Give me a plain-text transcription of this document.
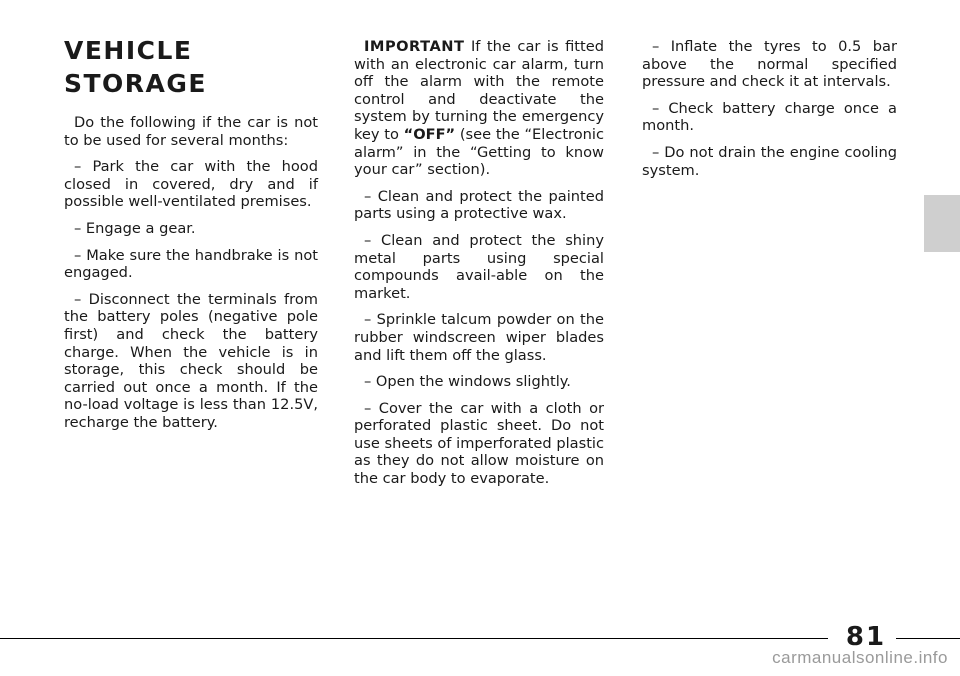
VEHICLE
STORAGE

Do the following if the car is not to be used for several months:

– Park the car with the hood closed in covered, dry and if possible well-ventilated premises.

– Engage a gear.

– Make sure the handbrake is not engaged.

– Disconnect the terminals from the battery poles (negative pole first) and check the battery charge. When the vehicle is in storage, this check should be carried out once a month. If the no-load voltage is less than 12.5V, recharge the battery.

IMPORTANT If the car is fitted with an electronic car alarm, turn off the alarm with the remote control and deactivate the system by turning the emergency key to “OFF” (see the “Electronic alarm” in the “Getting to know your car” section).

– Clean and protect the painted parts using a protective wax.

– Clean and protect the shiny metal parts using special compounds avail-able on the market.

– Sprinkle talcum powder on the rubber windscreen wiper blades and lift them off the glass.

– Open the windows slightly.

– Cover the car with a cloth or perforated plastic sheet. Do not use sheets of imperforated plastic as they do not allow moisture on the car body to evaporate.

– Inflate the tyres to 0.5 bar above the normal specified pressure and check it at intervals.

– Check battery charge once a month.

– Do not drain the engine cooling system.

81
carmanualsonline.info
